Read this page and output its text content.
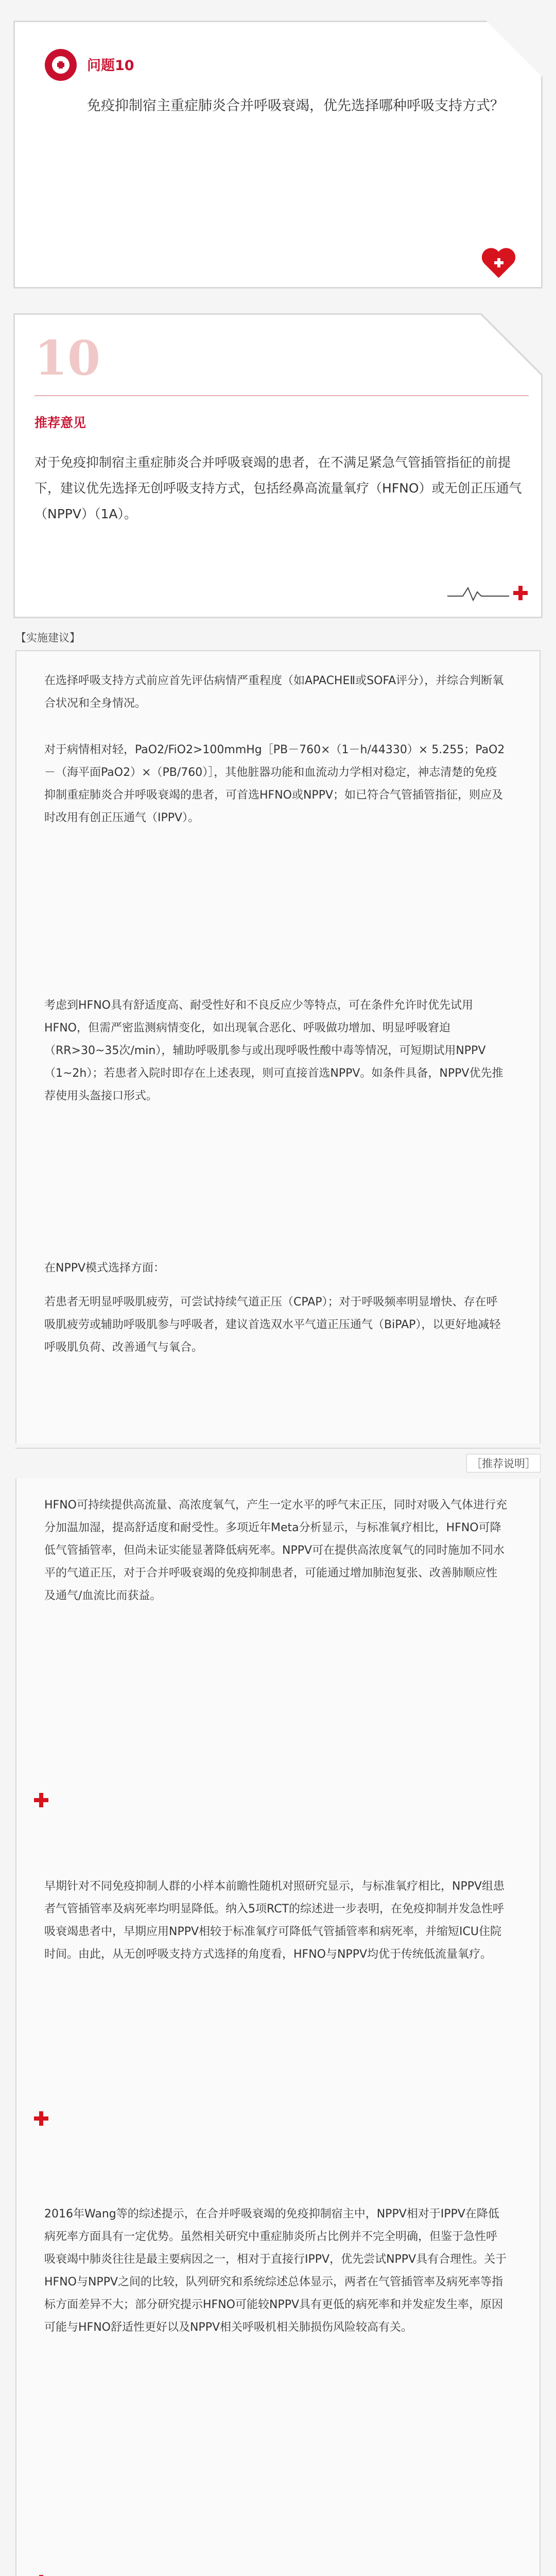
问题10
免疫抑制宿主重症肺炎合并呼吸衰竭，优先选择哪种呼吸支持方式？
10
推荐意见
对于免疫抑制宿主重症肺炎合并呼吸衰竭的患者，在不满足紧急气管插管指征的前提下，建议优先选择无创呼吸支持方式，包括经鼻高流量氧疗（HFNO）或无创正压通气（NPPV）（1A）。
【实施建议】
在选择呼吸支持方式前应首先评估病情严重程度（如APACHEⅡ或SOFA评分），并综合判断氧合状况和全身情况。
对于病情相对轻，PaO2/FiO2>100mmHg［PB－760×（1－h/44330）× 5.255；PaO2－（海平面PaO2）×（PB/760）］，其他脏器功能和血流动力学相对稳定，神志清楚的免疫抑制重症肺炎合并呼吸衰竭的患者，可首选HFNO或NPPV；如已符合气管插管指征，则应及时改用有创正压通气（IPPV）。
考虑到HFNO具有舒适度高、耐受性好和不良反应少等特点，可在条件允许时优先试用HFNO，但需严密监测病情变化，如出现氧合恶化、呼吸做功增加、明显呼吸窘迫（RR>30~35次/min），辅助呼吸肌参与或出现呼吸性酸中毒等情况，可短期试用NPPV（1~2h）；若患者入院时即存在上述表现，则可直接首选NPPV。如条件具备，NPPV优先推荐使用头盔接口形式。
在NPPV模式选择方面：
若患者无明显呼吸肌疲劳，可尝试持续气道正压（CPAP）；对于呼吸频率明显增快、存在呼吸肌疲劳或辅助呼吸肌参与呼吸者，建议首选双水平气道正压通气（BiPAP），以更好地减轻呼吸肌负荷、改善通气与氧合。
［推荐说明］
HFNO可持续提供高流量、高浓度氧气，产生一定水平的呼气末正压，同时对吸入气体进行充分加温加湿，提高舒适度和耐受性。多项近年Meta分析显示，与标准氧疗相比，HFNO可降低气管插管率，但尚未证实能显著降低病死率。NPPV可在提供高浓度氧气的同时施加不同水平的气道正压，对于合并呼吸衰竭的免疫抑制患者，可能通过增加肺泡复张、改善肺顺应性及通气/血流比而获益。
早期针对不同免疫抑制人群的小样本前瞻性随机对照研究显示，与标准氧疗相比，NPPV组患者气管插管率及病死率均明显降低。纳入5项RCT的综述进一步表明，在免疫抑制并发急性呼吸衰竭患者中，早期应用NPPV相较于标准氧疗可降低气管插管率和病死率，并缩短ICU住院时间。由此，从无创呼吸支持方式选择的角度看，HFNO与NPPV均优于传统低流量氧疗。
2016年Wang等的综述提示，在合并呼吸衰竭的免疫抑制宿主中，NPPV相对于IPPV在降低病死率方面具有一定优势。虽然相关研究中重症肺炎所占比例并不完全明确，但鉴于急性呼吸衰竭中肺炎往往是最主要病因之一，相对于直接行IPPV，优先尝试NPPV具有合理性。关于HFNO与NPPV之间的比较，队列研究和系统综述总体显示，两者在气管插管率及病死率等指标方面差异不大；部分研究提示HFNO可能较NPPV具有更低的病死率和并发症发生率，原因可能与HFNO舒适性更好以及NPPV相关呼吸机相关肺损伤风险较高有关。
